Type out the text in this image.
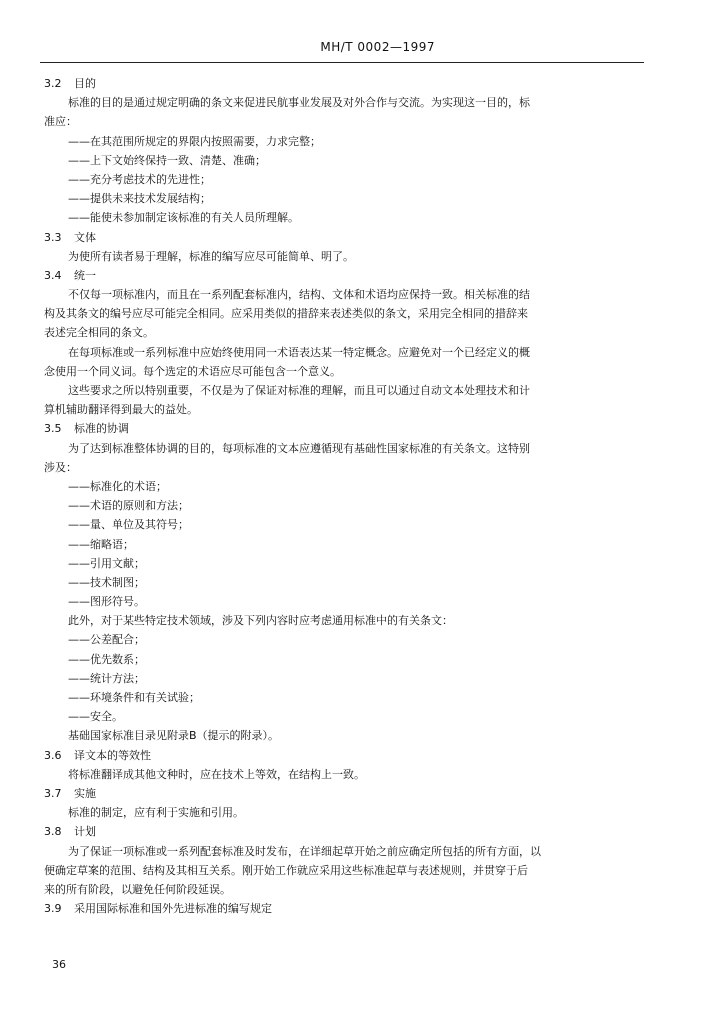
MH/T 0002—1997
3.2 目的
标准的目的是通过规定明确的条文来促进民航事业发展及对外合作与交流。为实现这一目的，标
准应：
——在其范围所规定的界限内按照需要，力求完整；
——上下文始终保持一致、清楚、准确；
——充分考虑技术的先进性；
——提供未来技术发展结构；
——能使未参加制定该标准的有关人员所理解。
3.3 文体
为使所有读者易于理解，标准的编写应尽可能简单、明了。
3.4 统一
不仅每一项标准内，而且在一系列配套标准内，结构、文体和术语均应保持一致。相关标准的结
构及其条文的编号应尽可能完全相同。应采用类似的措辞来表述类似的条文，采用完全相同的措辞来
表述完全相同的条文。
在每项标准或一系列标准中应始终使用同一术语表达某一特定概念。应避免对一个已经定义的概
念使用一个同义词。每个选定的术语应尽可能包含一个意义。
这些要求之所以特别重要，不仅是为了保证对标准的理解，而且可以通过自动文本处理技术和计
算机辅助翻译得到最大的益处。
3.5 标准的协调
为了达到标准整体协调的目的，每项标准的文本应遵循现有基础性国家标准的有关条文。这特别
涉及：
——标准化的术语；
——术语的原则和方法；
——量、单位及其符号；
——缩略语；
——引用文献；
——技术制图；
——图形符号。
此外，对于某些特定技术领域，涉及下列内容时应考虑通用标准中的有关条文：
——公差配合；
——优先数系；
——统计方法；
——环境条件和有关试验；
——安全。
基础国家标准目录见附录B（提示的附录）。
3.6 译文本的等效性
将标准翻译成其他文种时，应在技术上等效，在结构上一致。
3.7 实施
标准的制定，应有利于实施和引用。
3.8 计划
为了保证一项标准或一系列配套标准及时发布，在详细起草开始之前应确定所包括的所有方面，以
便确定草案的范围、结构及其相互关系。刚开始工作就应采用这些标准起草与表述规则，并贯穿于后
来的所有阶段，以避免任何阶段延误。
3.9 采用国际标准和国外先进标准的编写规定
36
